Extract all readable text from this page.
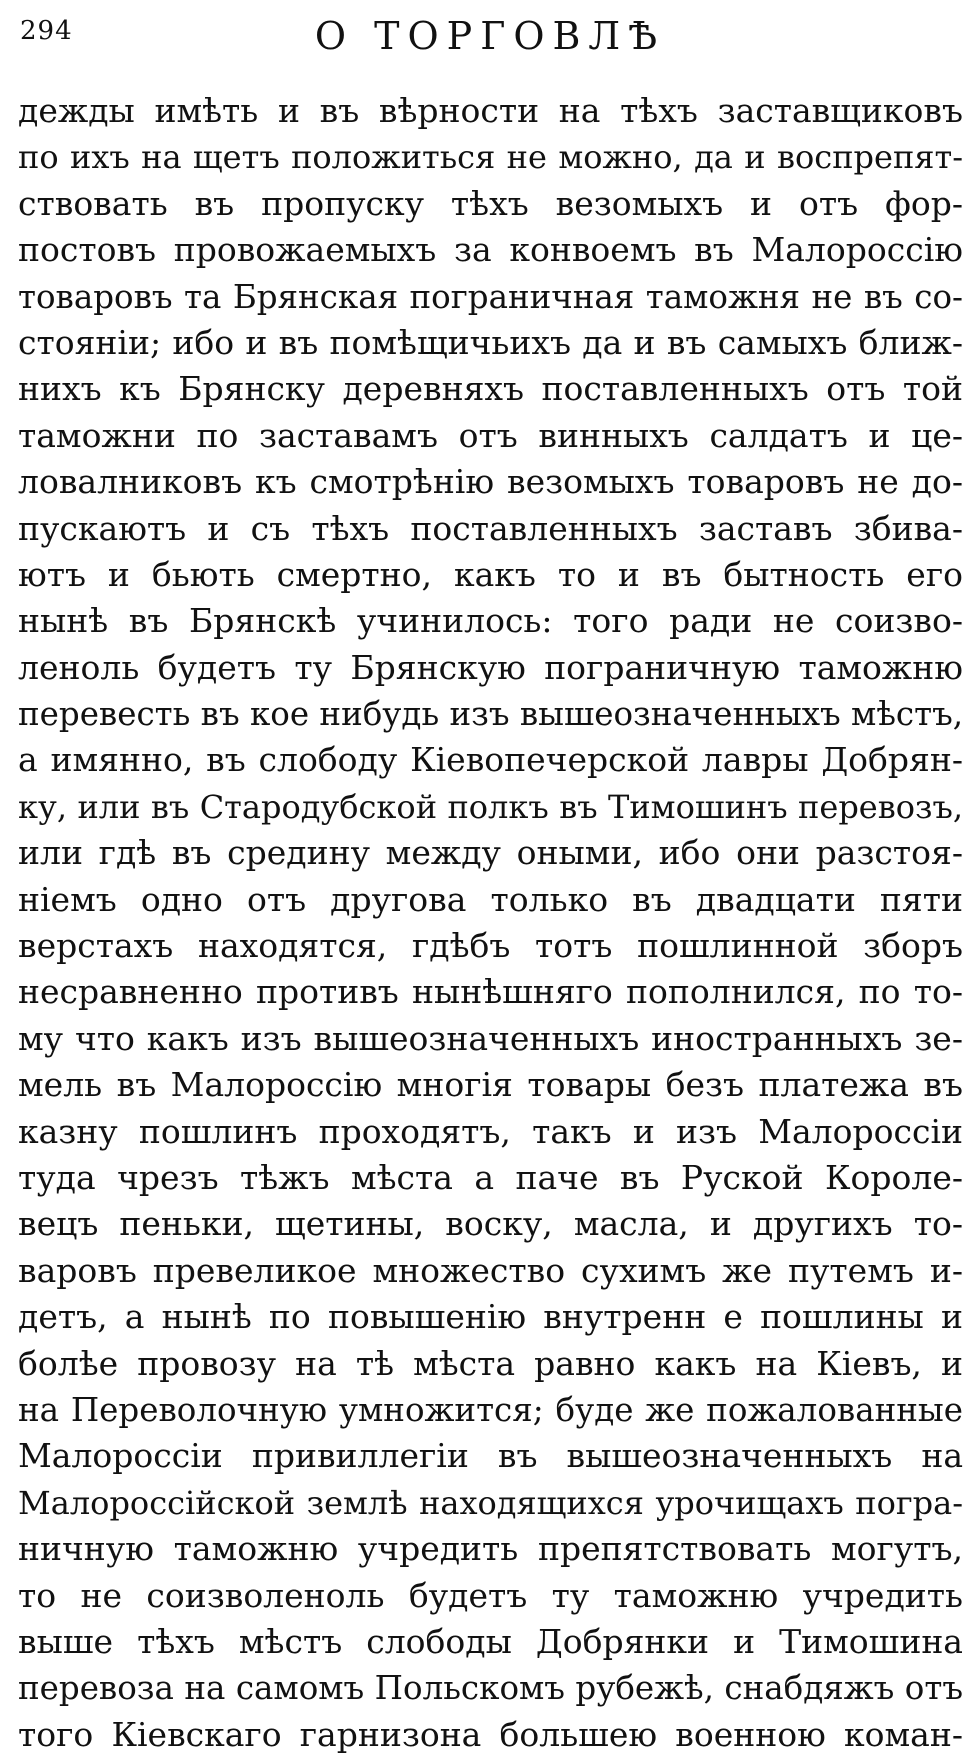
294	О ТОРГОВЛѢ
дежды имѣть и въ вѣрности на тѣхъ заставщиковъ
по ихъ на щетъ положиться не можно, да и воспрепят-
ствовать въ пропуску тѣхъ везомыхъ и отъ фор-
постовъ провожаемыхъ за конвоемъ въ Малороссію
товаровъ та Брянская пограничная таможня не въ со-
стояніи; ибо и въ помѣщичьихъ да и въ самыхъ ближ-
нихъ къ Брянску деревняхъ поставленныхъ отъ той
таможни по заставамъ отъ винныхъ салдатъ и це-
ловалниковъ къ смотрѣнію везомыхъ товаровъ не до-
пускаютъ и съ тѣхъ поставленныхъ заставъ збива-
ютъ и бьють смертно, какъ то и въ бытность его
нынѣ въ Брянскѣ учинилось: того ради не соизво-
леноль будетъ ту Брянскую пограничную таможню
перевесть въ кое нибудь изъ вышеозначенныхъ мѣстъ,
а имянно, въ слободу Кіевопечерской лавры Добрян-
ку, или въ Стародубской полкъ въ Тимошинъ перевозъ,
или гдѣ въ средину между оными, ибо они разстоя-
ніемъ одно отъ другова только въ двадцати пяти
верстахъ находятся, гдѣбъ тотъ пошлинной зборъ
несравненно противъ нынѣшняго пополнился, по то-
му что какъ изъ вышеозначенныхъ иностранныхъ зе-
мель въ Малороссію многія товары безъ платежа въ
казну пошлинъ проходятъ, такъ и изъ Малороссіи
туда чрезъ тѣжъ мѣста а паче въ Руской Короле-
вецъ пеньки, щетины, воску, масла, и другихъ то-
варовъ превеликое множество сухимъ же путемъ и-
детъ, а нынѣ по повышенію внутренн е пошлины и
болѣе провозу на тѣ мѣста равно какъ на Кіевъ, и
на Переволочную умножится; буде же пожалованные
Малороссіи привиллегіи въ вышеозначенныхъ на
Малороссійской землѣ находящихся урочищахъ погра-
ничную таможню учредить препятствовать могутъ,
то не соизволеноль будетъ ту таможню учредить
выше тѣхъ мѣстъ слободы Добрянки и Тимошина
перевоза на самомъ Польскомъ рубежѣ, снабдяжъ отъ
того Кіевскаго гарнизона большею военною коман-
